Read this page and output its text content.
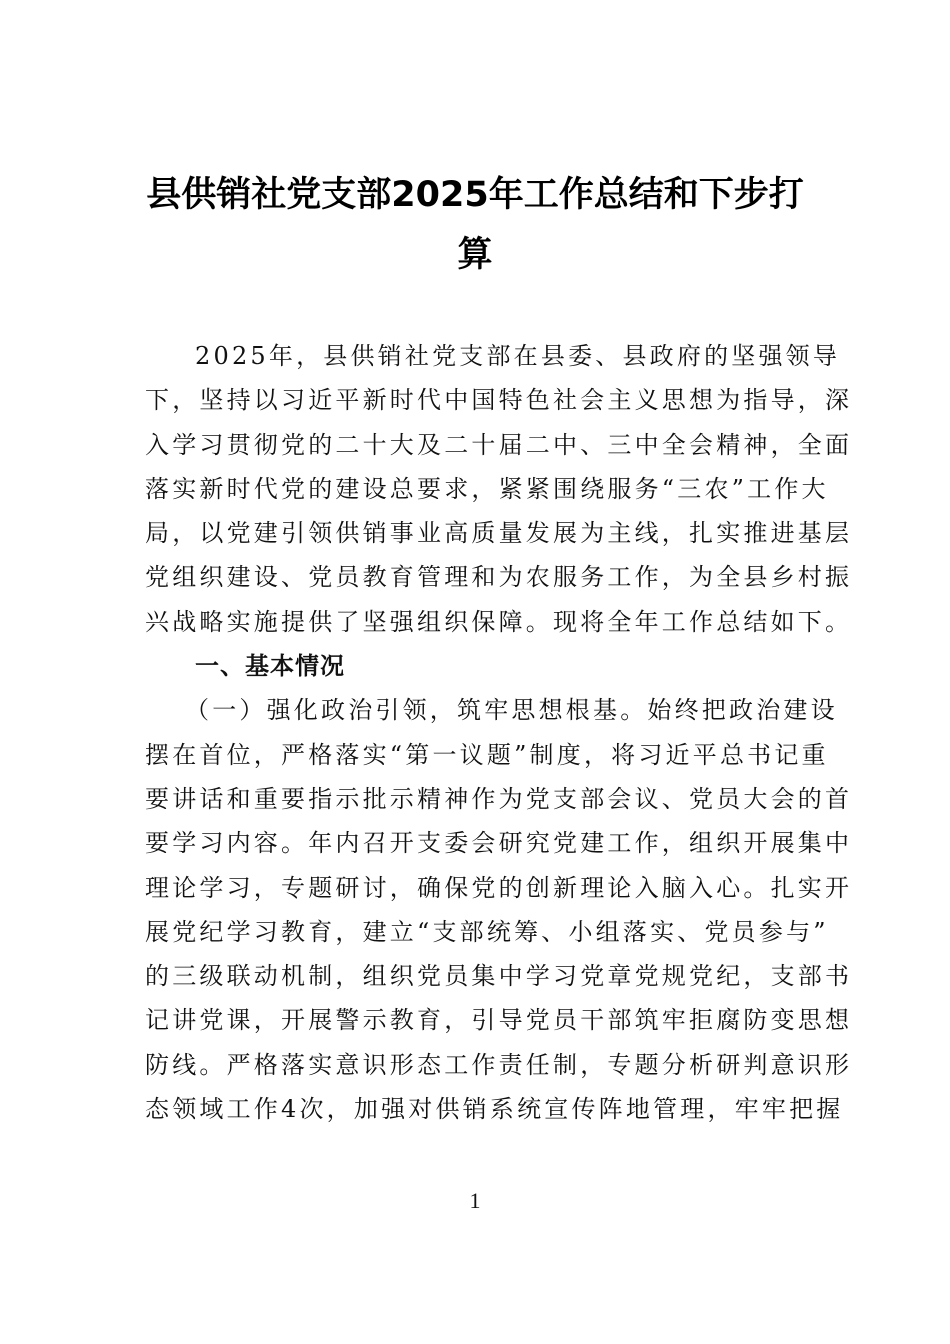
县供销社党支部2025年工作总结和下步打
算
2025年，县供销社党支部在县委、县政府的坚强领导
下，坚持以习近平新时代中国特色社会主义思想为指导，深
入学习贯彻党的二十大及二十届二中、三中全会精神，全面
落实新时代党的建设总要求，紧紧围绕服务“三农”工作大
局，以党建引领供销事业高质量发展为主线，扎实推进基层
党组织建设、党员教育管理和为农服务工作，为全县乡村振
兴战略实施提供了坚强组织保障。现将全年工作总结如下。
一、基本情况
（一）强化政治引领，筑牢思想根基。始终把政治建设
摆在首位，严格落实“第一议题”制度，将习近平总书记重
要讲话和重要指示批示精神作为党支部会议、党员大会的首
要学习内容。年内召开支委会研究党建工作，组织开展集中
理论学习，专题研讨，确保党的创新理论入脑入心。扎实开
展党纪学习教育，建立“支部统筹、小组落实、党员参与”
的三级联动机制，组织党员集中学习党章党规党纪，支部书
记讲党课，开展警示教育，引导党员干部筑牢拒腐防变思想
防线。严格落实意识形态工作责任制，专题分析研判意识形
态领域工作4次，加强对供销系统宣传阵地管理，牢牢把握
1
